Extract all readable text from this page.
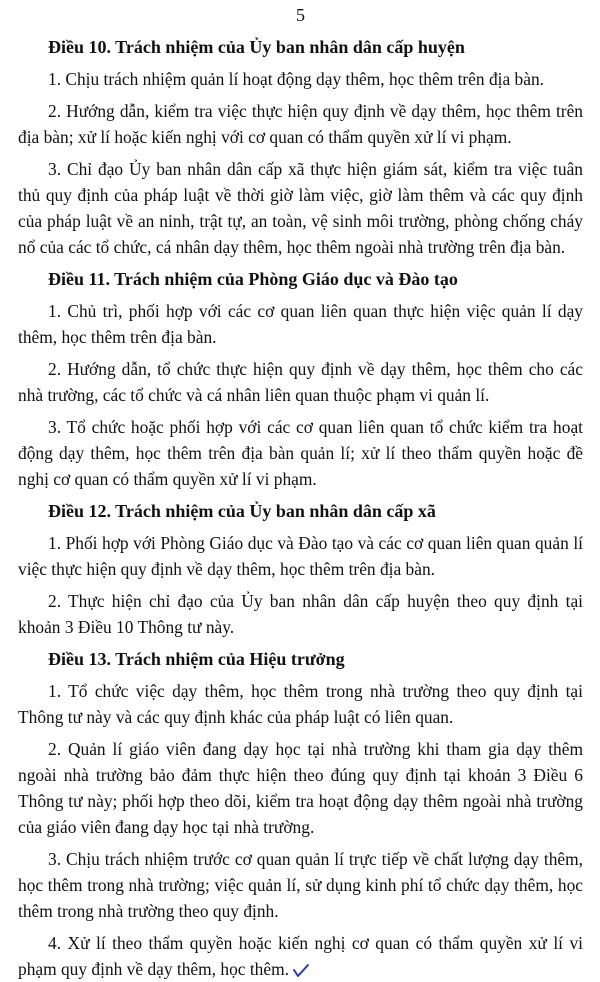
5

Điều 10. Trách nhiệm của Ủy ban nhân dân cấp huyện

1. Chịu trách nhiệm quản lí hoạt động dạy thêm, học thêm trên địa bàn.

2. Hướng dẫn, kiểm tra việc thực hiện quy định về dạy thêm, học thêm trên địa bàn; xử lí hoặc kiến nghị với cơ quan có thẩm quyền xử lí vi phạm.

3. Chỉ đạo Ủy ban nhân dân cấp xã thực hiện giám sát, kiểm tra việc tuân thủ quy định của pháp luật về thời giờ làm việc, giờ làm thêm và các quy định của pháp luật về an ninh, trật tự, an toàn, vệ sinh môi trường, phòng chống cháy nổ của các tổ chức, cá nhân dạy thêm, học thêm ngoài nhà trường trên địa bàn.

Điều 11. Trách nhiệm của Phòng Giáo dục và Đào tạo

1. Chủ trì, phối hợp với các cơ quan liên quan thực hiện việc quản lí dạy thêm, học thêm trên địa bàn.

2. Hướng dẫn, tổ chức thực hiện quy định về dạy thêm, học thêm cho các nhà trường, các tổ chức và cá nhân liên quan thuộc phạm vi quản lí.

3. Tổ chức hoặc phối hợp với các cơ quan liên quan tổ chức kiểm tra hoạt động dạy thêm, học thêm trên địa bàn quản lí; xử lí theo thẩm quyền hoặc đề nghị cơ quan có thẩm quyền xử lí vi phạm.

Điều 12. Trách nhiệm của Ủy ban nhân dân cấp xã

1. Phối hợp với Phòng Giáo dục và Đào tạo và các cơ quan liên quan quản lí việc thực hiện quy định về dạy thêm, học thêm trên địa bàn.

2. Thực hiện chỉ đạo của Ủy ban nhân dân cấp huyện theo quy định tại khoản 3 Điều 10 Thông tư này.

Điều 13. Trách nhiệm của Hiệu trưởng

1. Tổ chức việc dạy thêm, học thêm trong nhà trường theo quy định tại Thông tư này và các quy định khác của pháp luật có liên quan.

2. Quản lí giáo viên đang dạy học tại nhà trường khi tham gia dạy thêm ngoài nhà trường bảo đảm thực hiện theo đúng quy định tại khoản 3 Điều 6 Thông tư này; phối hợp theo dõi, kiểm tra hoạt động dạy thêm ngoài nhà trường của giáo viên đang dạy học tại nhà trường.

3. Chịu trách nhiệm trước cơ quan quản lí trực tiếp về chất lượng dạy thêm, học thêm trong nhà trường; việc quản lí, sử dụng kinh phí tổ chức dạy thêm, học thêm trong nhà trường theo quy định.

4. Xử lí theo thẩm quyền hoặc kiến nghị cơ quan có thẩm quyền xử lí vi phạm quy định về dạy thêm, học thêm.
